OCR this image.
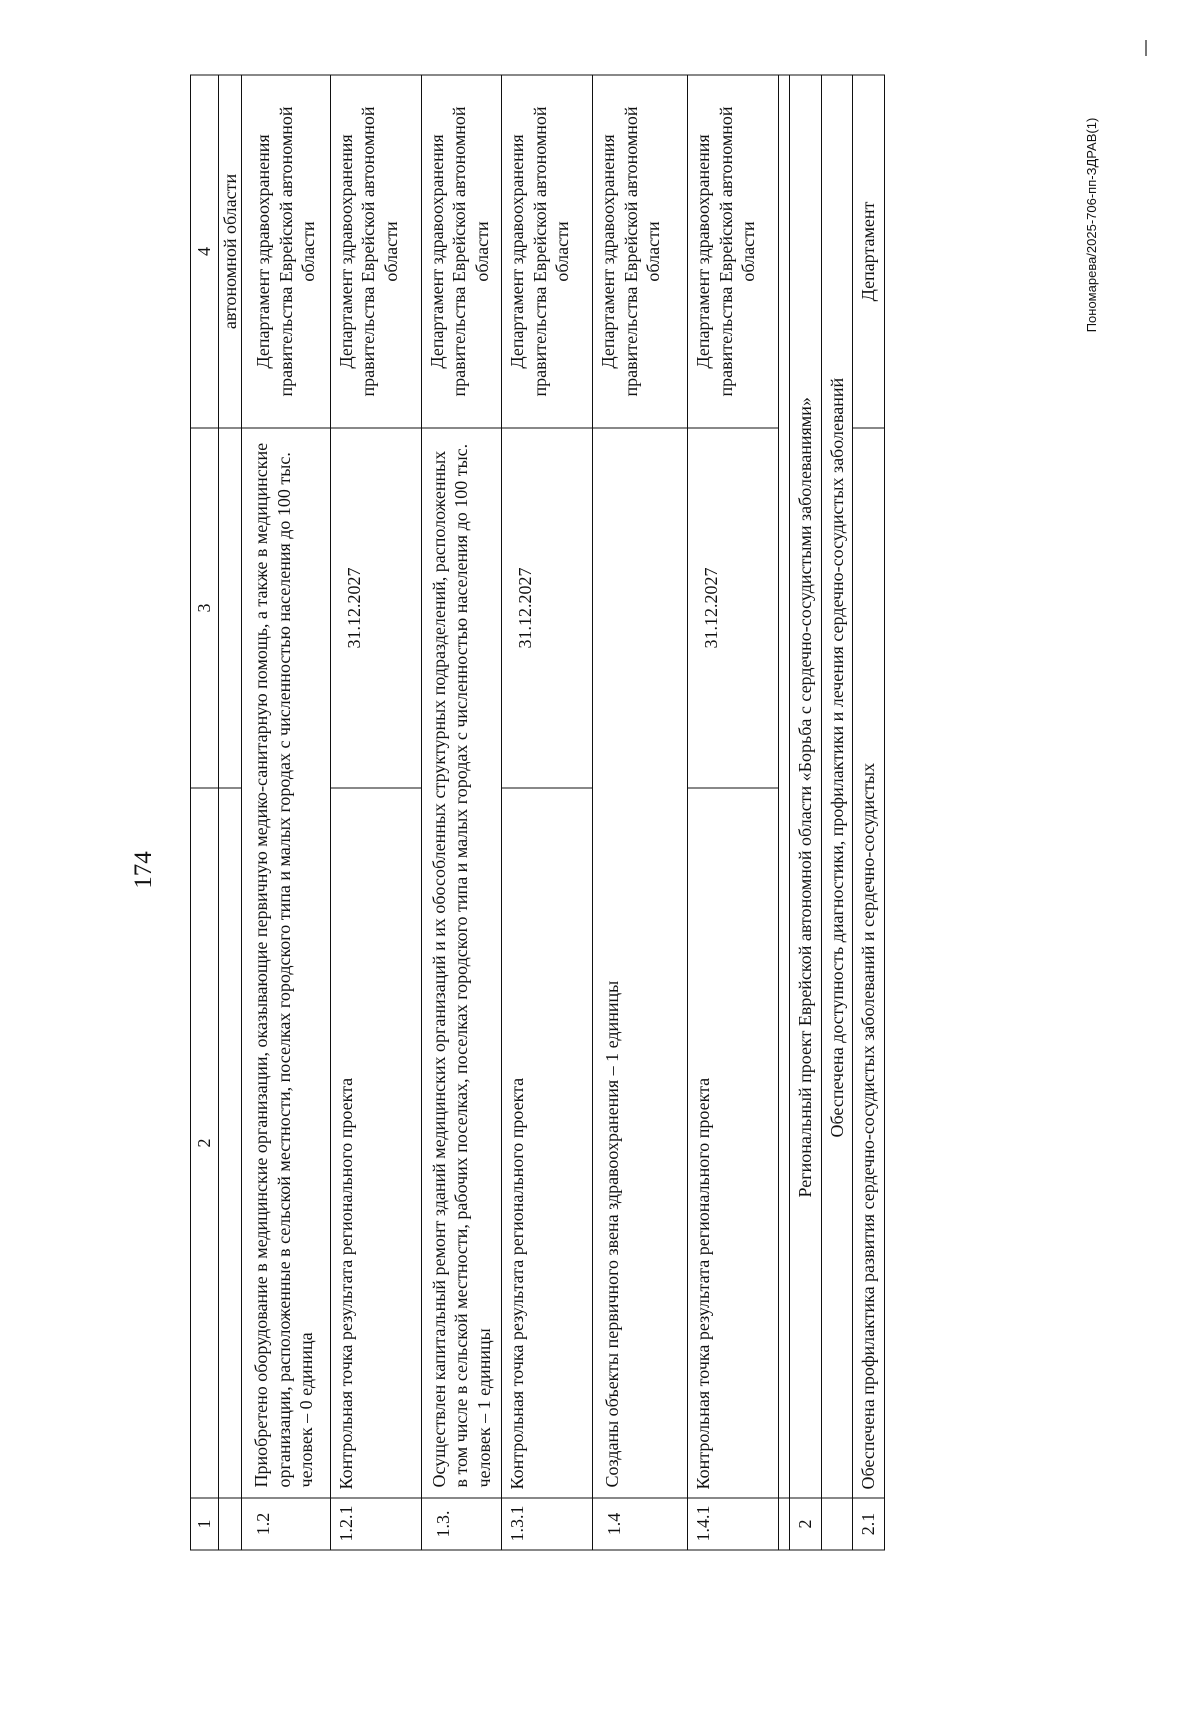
174
Пономарева/2025-706-пп-ЗДРАВ(1)
1	2	3	4
			автономной области
1.2	Приобретено оборудование в медицинские организации, оказывающие первичную медико-санитарную помощь, а также в медицинские организации, расположенные в сельской местности, поселках городского типа и малых городах с численностью населения до 100 тыс. человек – 0 единица		Департамент здравоохранения правительства Еврейской автономной области
1.2.1	Контрольная точка результата регионального проекта	31.12.2027	Департамент здравоохранения правительства Еврейской автономной области
1.3.	Осуществлен капитальный ремонт зданий медицинских организаций и их обособленных структурных подразделений, расположенных в том числе в сельской местности, рабочих поселках, поселках городского типа и малых городах с численностью населения до 100 тыс. человек – 1 единицы		Департамент здравоохранения правительства Еврейской автономной области
1.3.1	Контрольная точка результата регионального проекта	31.12.2027	Департамент здравоохранения правительства Еврейской автономной области
1.4	Созданы объекты первичного звена здравоохранения – 1 единицы		Департамент здравоохранения правительства Еврейской автономной области
1.4.1	Контрольная точка результата регионального проекта	31.12.2027	Департамент здравоохранения правительства Еврейской автономной области

2	Региональный проект Еврейской автономной области «Борьба с сердечно-сосудистыми заболеваниями»		
	Обеспечена доступность диагностики, профилактики и лечения сердечно-сосудистых заболеваний		
2.1	Обеспечена профилактика развития сердечно-сосудистых заболеваний и сердечно-сосудистых		Департамент
